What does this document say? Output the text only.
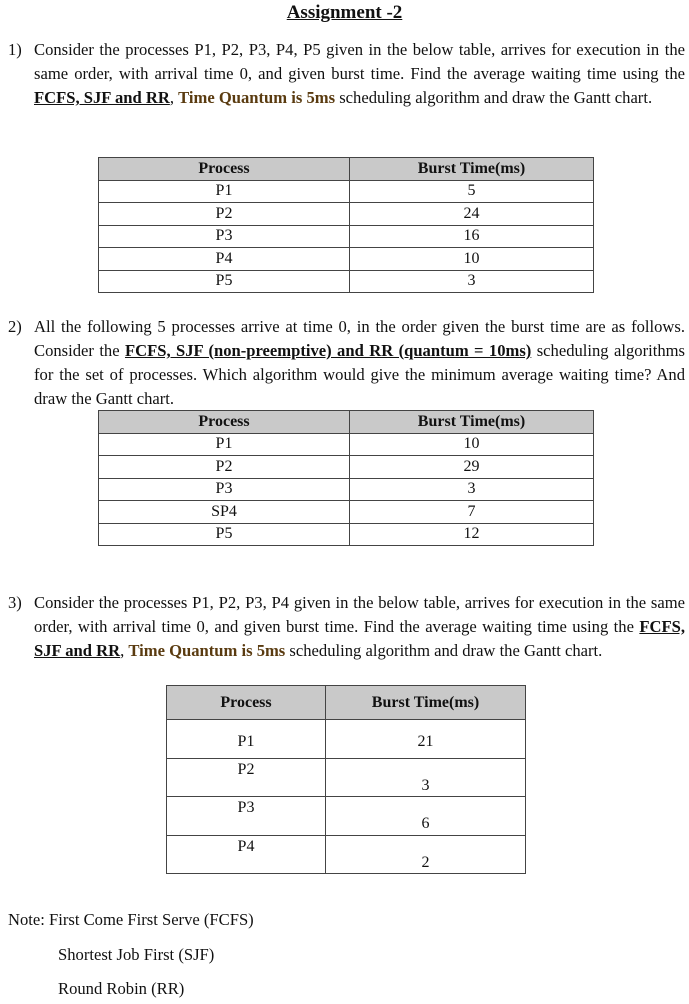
Assignment -2
1) Consider the processes P1, P2, P3, P4, P5 given in the below table, arrives for execution in the same order, with arrival time 0, and given burst time. Find the average waiting time using the FCFS, SJF and RR, Time Quantum is 5ms scheduling algorithm and draw the Gantt chart.
Process	Burst Time(ms)
P1	5
P2	24
P3	16
P4	10
P5	3
2) All the following 5 processes arrive at time 0, in the order given the burst time are as follows. Consider the FCFS, SJF (non-preemptive) and RR (quantum = 10ms) scheduling algorithms for the set of processes. Which algorithm would give the minimum average waiting time? And draw the Gantt chart.
Process	Burst Time(ms)
P1	10
P2	29
P3	3
SP4	7
P5	12
3) Consider the processes P1, P2, P3, P4 given in the below table, arrives for execution in the same order, with arrival time 0, and given burst time. Find the average waiting time using the FCFS, SJF and RR, Time Quantum is 5ms scheduling algorithm and draw the Gantt chart.
Process	Burst Time(ms)

P1	21

P2	3

P3	6

P4	2
Note: First Come First Serve (FCFS)
Shortest Job First (SJF)
Round Robin (RR)
